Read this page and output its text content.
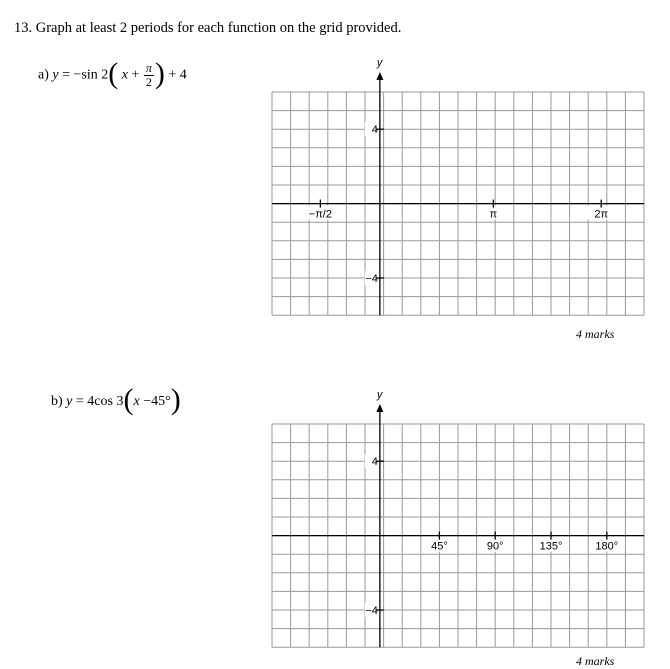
13. Graph at least 2 periods for each function on the grid provided.
a) y = −sin 2( $x + \frac{\pi}{2}$ ) + 4
y
4
−4
−π/2	π	2π
4 marks
b) y = 4cos 3(x −45°)	y
4
−4
45°	90°	135°	180°
4 marks
